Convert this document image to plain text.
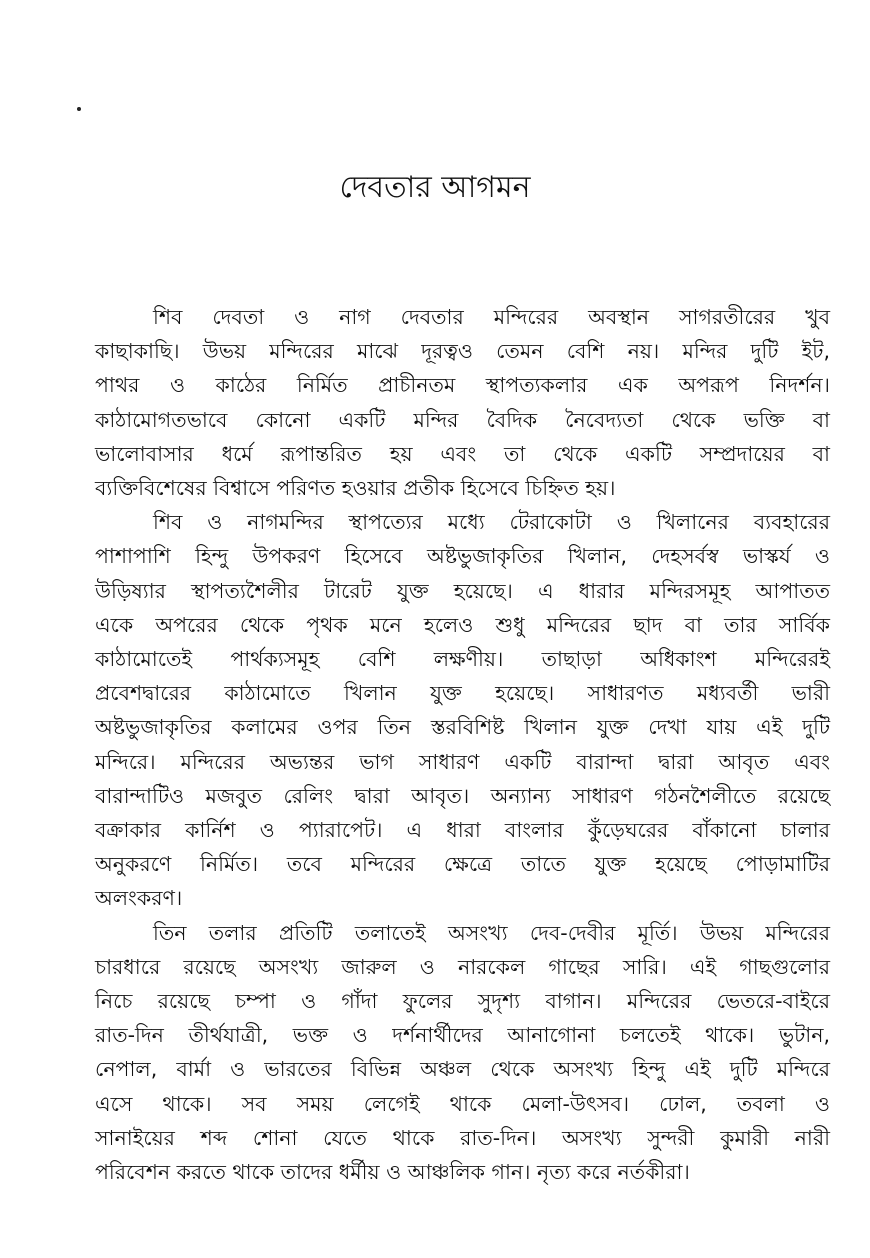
দেবতার আগমন
শিব দেবতা ও নাগ দেবতার মন্দিরের অবস্থান সাগরতীরের খুব
কাছাকাছি। উভয় মন্দিরের মাঝে দূরত্বও তেমন বেশি নয়। মন্দির দুটি ইট,
পাথর ও কাঠের নির্মিত প্রাচীনতম স্থাপত্যকলার এক অপরূপ নিদর্শন।
কাঠামোগতভাবে কোনো একটি মন্দির বৈদিক নৈবেদ্যতা থেকে ভক্তি বা
ভালোবাসার ধর্মে রূপান্তরিত হয় এবং তা থেকে একটি সম্প্রদায়ের বা
ব্যক্তিবিশেষের বিশ্বাসে পরিণত হওয়ার প্রতীক হিসেবে চিহ্নিত হয়।
শিব ও নাগমন্দির স্থাপত্যের মধ্যে টেরাকোটা ও খিলানের ব্যবহারের
পাশাপাশি হিন্দু উপকরণ হিসেবে অষ্টভুজাকৃতির খিলান, দেহসর্বস্ব ভাস্কর্য ও
উড়িষ্যার স্থাপত্যশৈলীর টারেট যুক্ত হয়েছে। এ ধারার মন্দিরসমূহ আপাতত
একে অপরের থেকে পৃথক মনে হলেও শুধু মন্দিরের ছাদ বা তার সার্বিক
কাঠামোতেই পার্থক্যসমূহ বেশি লক্ষণীয়। তাছাড়া অধিকাংশ মন্দিরেরই
প্রবেশদ্বারের কাঠামোতে খিলান যুক্ত হয়েছে। সাধারণত মধ্যবর্তী ভারী
অষ্টভুজাকৃতির কলামের ওপর তিন স্তরবিশিষ্ট খিলান যুক্ত দেখা যায় এই দুটি
মন্দিরে। মন্দিরের অভ্যন্তর ভাগ সাধারণ একটি বারান্দা দ্বারা আবৃত এবং
বারান্দাটিও মজবুত রেলিং দ্বারা আবৃত। অন্যান্য সাধারণ গঠনশৈলীতে রয়েছে
বক্রাকার কার্নিশ ও প্যারাপেট। এ ধারা বাংলার কুঁড়েঘরের বাঁকানো চালার
অনুকরণে নির্মিত। তবে মন্দিরের ক্ষেত্রে তাতে যুক্ত হয়েছে পোড়ামাটির
অলংকরণ।
তিন তলার প্রতিটি তলাতেই অসংখ্য দেব-দেবীর মূর্তি। উভয় মন্দিরের
চারধারে রয়েছে অসংখ্য জারুল ও নারকেল গাছের সারি। এই গাছগুলোর
নিচে রয়েছে চম্পা ও গাঁদা ফুলের সুদৃশ্য বাগান। মন্দিরের ভেতরে-বাইরে
রাত-দিন তীর্থযাত্রী, ভক্ত ও দর্শনার্থীদের আনাগোনা চলতেই থাকে। ভুটান,
নেপাল, বার্মা ও ভারতের বিভিন্ন অঞ্চল থেকে অসংখ্য হিন্দু এই দুটি মন্দিরে
এসে থাকে। সব সময় লেগেই থাকে মেলা-উৎসব। ঢোল, তবলা ও
সানাইয়ের শব্দ শোনা যেতে থাকে রাত-দিন। অসংখ্য সুন্দরী কুমারী নারী
পরিবেশন করতে থাকে তাদের ধর্মীয় ও আঞ্চলিক গান। নৃত্য করে নর্তকীরা।
